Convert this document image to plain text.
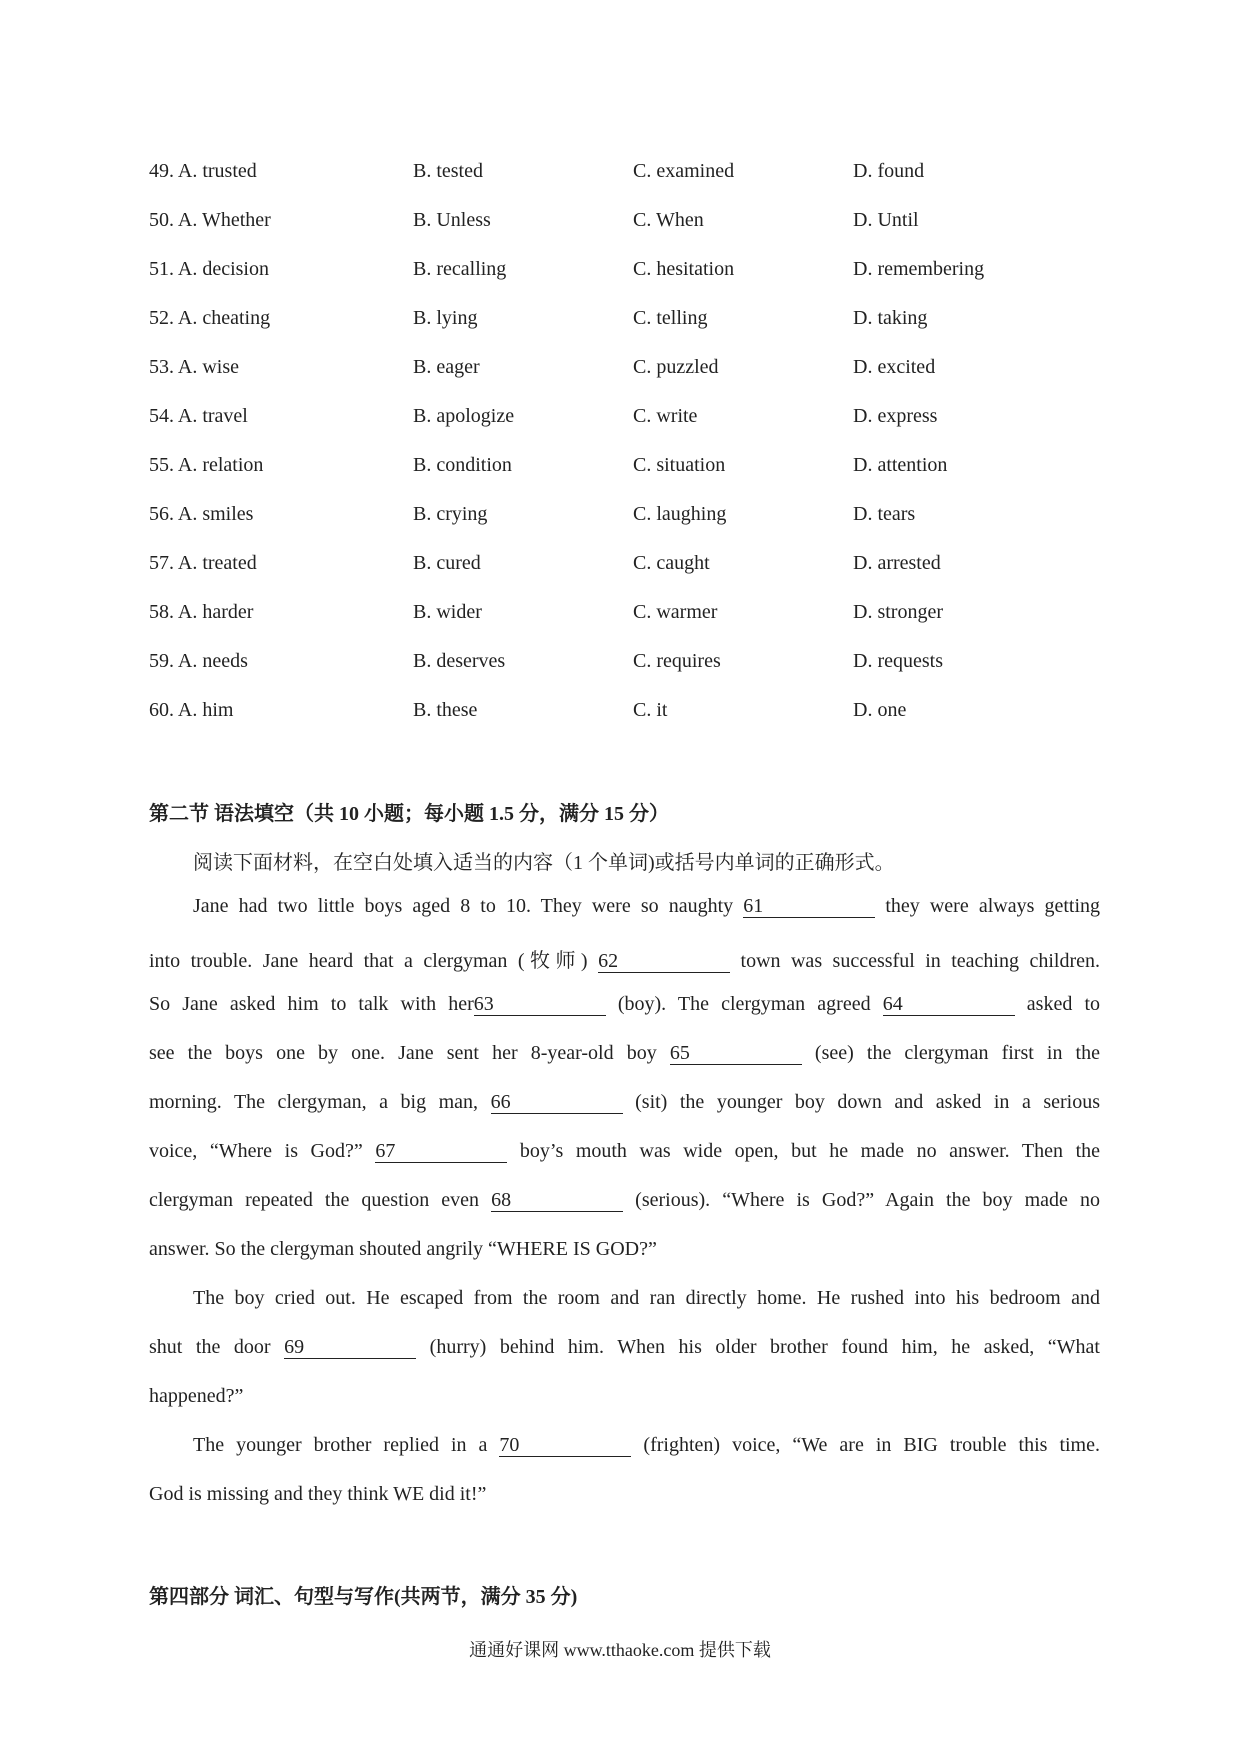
49. A. trusted	B. tested	C. examined	D. found
50. A. Whether	B. Unless	C. When	D. Until
51. A. decision	B. recalling	C. hesitation	D. remembering
52. A. cheating	B. lying	C. telling	D. taking
53. A. wise	B. eager	C. puzzled	D. excited
54. A. travel	B. apologize	C. write	D. express
55. A. relation	B. condition	C. situation	D. attention
56. A. smiles	B. crying	C. laughing	D. tears
57. A. treated	B. cured	C. caught	D. arrested
58. A. harder	B. wider	C. warmer	D. stronger
59. A. needs	B. deserves	C. requires	D. requests
60. A. him	B. these	C. it	D. one
第二节 语法填空（共 10 小题；每小题 1.5 分，满分 15 分）
阅读下面材料，在空白处填入适当的内容（1 个单词)或括号内单词的正确形式。
Jane had two little boys aged 8 to 10. They were so naughty 61	they were always getting
into trouble. Jane heard that a clergyman (牧师) 62	town was successful in teaching children.
So Jane asked him to talk with her63	(boy). The clergyman agreed 64	asked to
see the boys one by one. Jane sent her 8-year-old boy 65	(see) the clergyman first in the
morning. The clergyman, a big man, 66	(sit) the younger boy down and asked in a serious
voice, “Where is God?” 67	boy’s mouth was wide open, but he made no answer. Then the
clergyman repeated the question even 68	(serious). “Where is God?” Again the boy made no
answer. So the clergyman shouted angrily “WHERE IS GOD?”
The boy cried out. He escaped from the room and ran directly home. He rushed into his bedroom and
shut the door 69	(hurry) behind him. When his older brother found him, he asked, “What
happened?”
The younger brother replied in a 70	(frighten) voice, “We are in BIG trouble this time.
God is missing and they think WE did it!”
第四部分 词汇、句型与写作(共两节，满分 35 分)
通通好课网 www.tthaoke.com 提供下载
